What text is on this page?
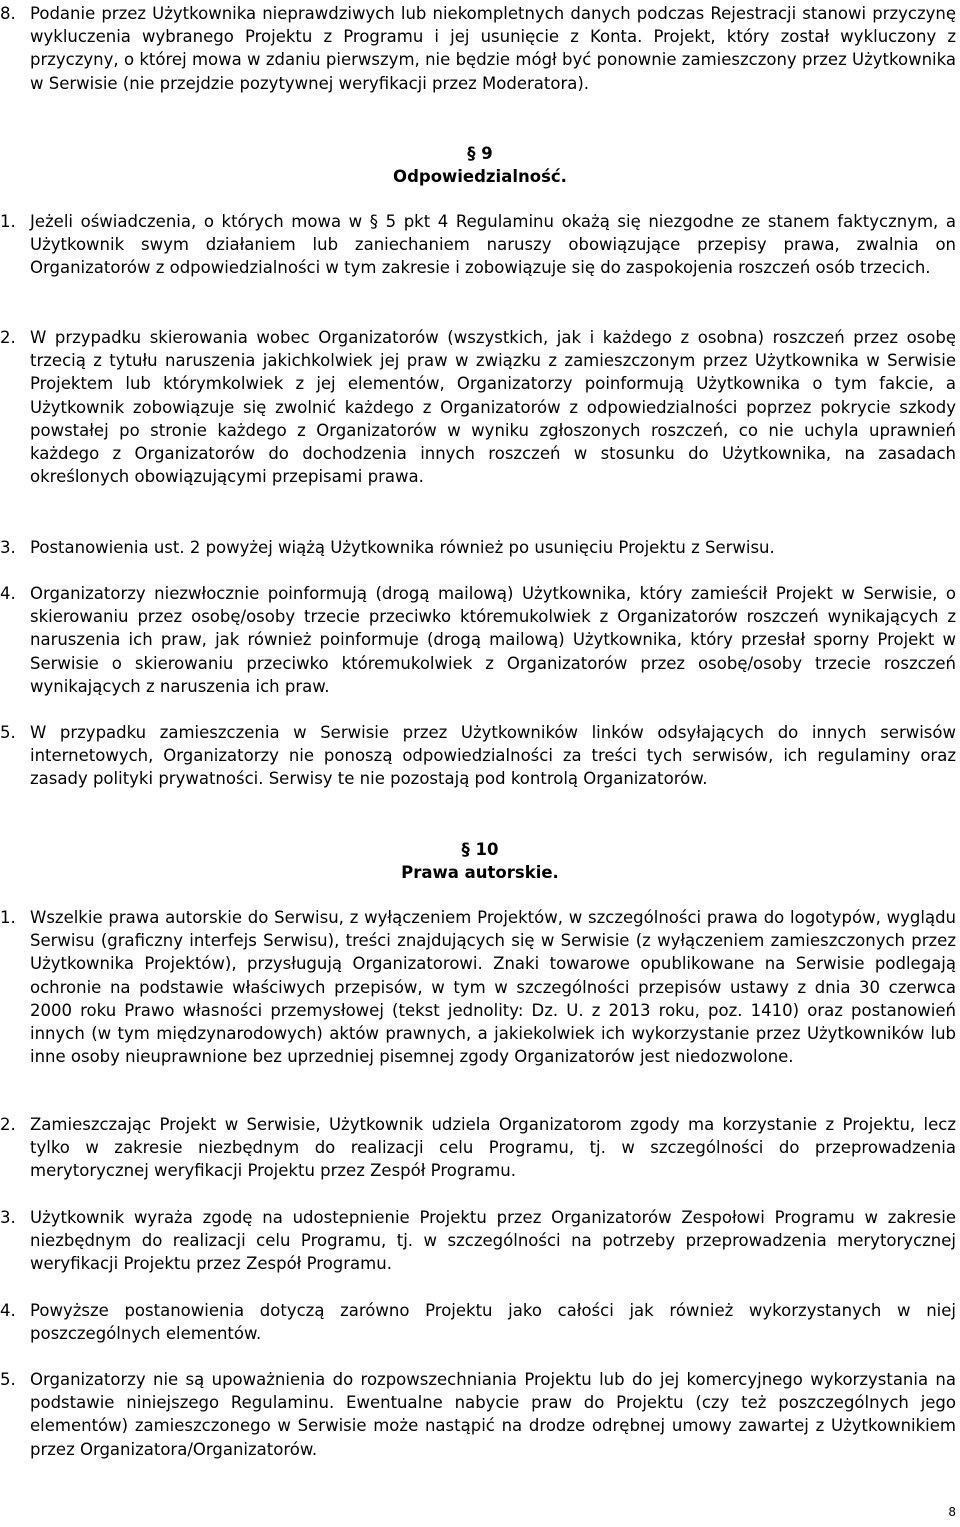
8. Podanie przez Użytkownika nieprawdziwych lub niekompletnych danych podczas Rejestracji stanowi przyczynę wykluczenia wybranego Projektu z Programu i jej usunięcie z Konta. Projekt, który został wykluczony z przyczyny, o której mowa w zdaniu pierwszym, nie będzie mógł być ponownie zamieszczony przez Użytkownika w Serwisie (nie przejdzie pozytywnej weryfikacji przez Moderatora).
§ 9
Odpowiedzialność.
1. Jeżeli oświadczenia, o których mowa w § 5 pkt 4 Regulaminu okażą się niezgodne ze stanem faktycznym, a Użytkownik swym działaniem lub zaniechaniem naruszy obowiązujące przepisy prawa, zwalnia on Organizatorów z odpowiedzialności w tym zakresie i zobowiązuje się do zaspokojenia roszczeń osób trzecich.
2. W przypadku skierowania wobec Organizatorów (wszystkich, jak i każdego z osobna) roszczeń przez osobę trzecią z tytułu naruszenia jakichkolwiek jej praw w związku z zamieszczonym przez Użytkownika w Serwisie Projektem lub którymkolwiek z jej elementów, Organizatorzy poinformują Użytkownika o tym fakcie, a Użytkownik zobowiązuje się zwolnić każdego z Organizatorów z odpowiedzialności poprzez pokrycie szkody powstałej po stronie każdego z Organizatorów w wyniku zgłoszonych roszczeń, co nie uchyla uprawnień każdego z Organizatorów do dochodzenia innych roszczeń w stosunku do Użytkownika, na zasadach określonych obowiązującymi przepisami prawa.
3. Postanowienia ust. 2 powyżej wiążą Użytkownika również po usunięciu Projektu z Serwisu.
4. Organizatorzy niezwłocznie poinformują (drogą mailową) Użytkownika, który zamieścił Projekt w Serwisie, o skierowaniu przez osobę/osoby trzecie przeciwko któremukolwiek z Organizatorów roszczeń wynikających z naruszenia ich praw, jak również poinformuje (drogą mailową) Użytkownika, który przesłał sporny Projekt w Serwisie o skierowaniu przeciwko któremukolwiek z Organizatorów przez osobę/osoby trzecie roszczeń wynikających z naruszenia ich praw.
5. W przypadku zamieszczenia w Serwisie przez Użytkowników linków odsyłających do innych serwisów internetowych, Organizatorzy nie ponoszą odpowiedzialności za treści tych serwisów, ich regulaminy oraz zasady polityki prywatności. Serwisy te nie pozostają pod kontrolą Organizatorów.
§ 10
Prawa autorskie.
1. Wszelkie prawa autorskie do Serwisu, z wyłączeniem Projektów, w szczególności prawa do logotypów, wyglądu Serwisu (graficzny interfejs Serwisu), treści znajdujących się w Serwisie (z wyłączeniem zamieszczonych przez Użytkownika Projektów), przysługują Organizatorowi. Znaki towarowe opublikowane na Serwisie podlegają ochronie na podstawie właściwych przepisów, w tym w szczególności przepisów ustawy z dnia 30 czerwca 2000 roku Prawo własności przemysłowej (tekst jednolity: Dz. U. z 2013 roku, poz. 1410) oraz postanowień innych (w tym międzynarodowych) aktów prawnych, a jakiekolwiek ich wykorzystanie przez Użytkowników lub inne osoby nieuprawnione bez uprzedniej pisemnej zgody Organizatorów jest niedozwolone.
2. Zamieszczając Projekt w Serwisie, Użytkownik udziela Organizatorom zgody ma korzystanie z Projektu, lecz tylko w zakresie niezbędnym do realizacji celu Programu, tj. w szczególności do przeprowadzenia merytorycznej weryfikacji Projektu przez Zespół Programu.
3. Użytkownik wyraża zgodę na udostepnienie Projektu przez Organizatorów Zespołowi Programu w zakresie niezbędnym do realizacji celu Programu, tj. w szczególności na potrzeby przeprowadzenia merytorycznej weryfikacji Projektu przez Zespół Programu.
4. Powyższe postanowienia dotyczą zarówno Projektu jako całości jak również wykorzystanych w niej poszczególnych elementów.
5. Organizatorzy nie są upoważnienia do rozpowszechniania Projektu lub do jej komercyjnego wykorzystania na podstawie niniejszego Regulaminu. Ewentualne nabycie praw do Projektu (czy też poszczególnych jego elementów) zamieszczonego w Serwisie może nastąpić na drodze odrębnej umowy zawartej z Użytkownikiem przez Organizatora/Organizatorów.
8
